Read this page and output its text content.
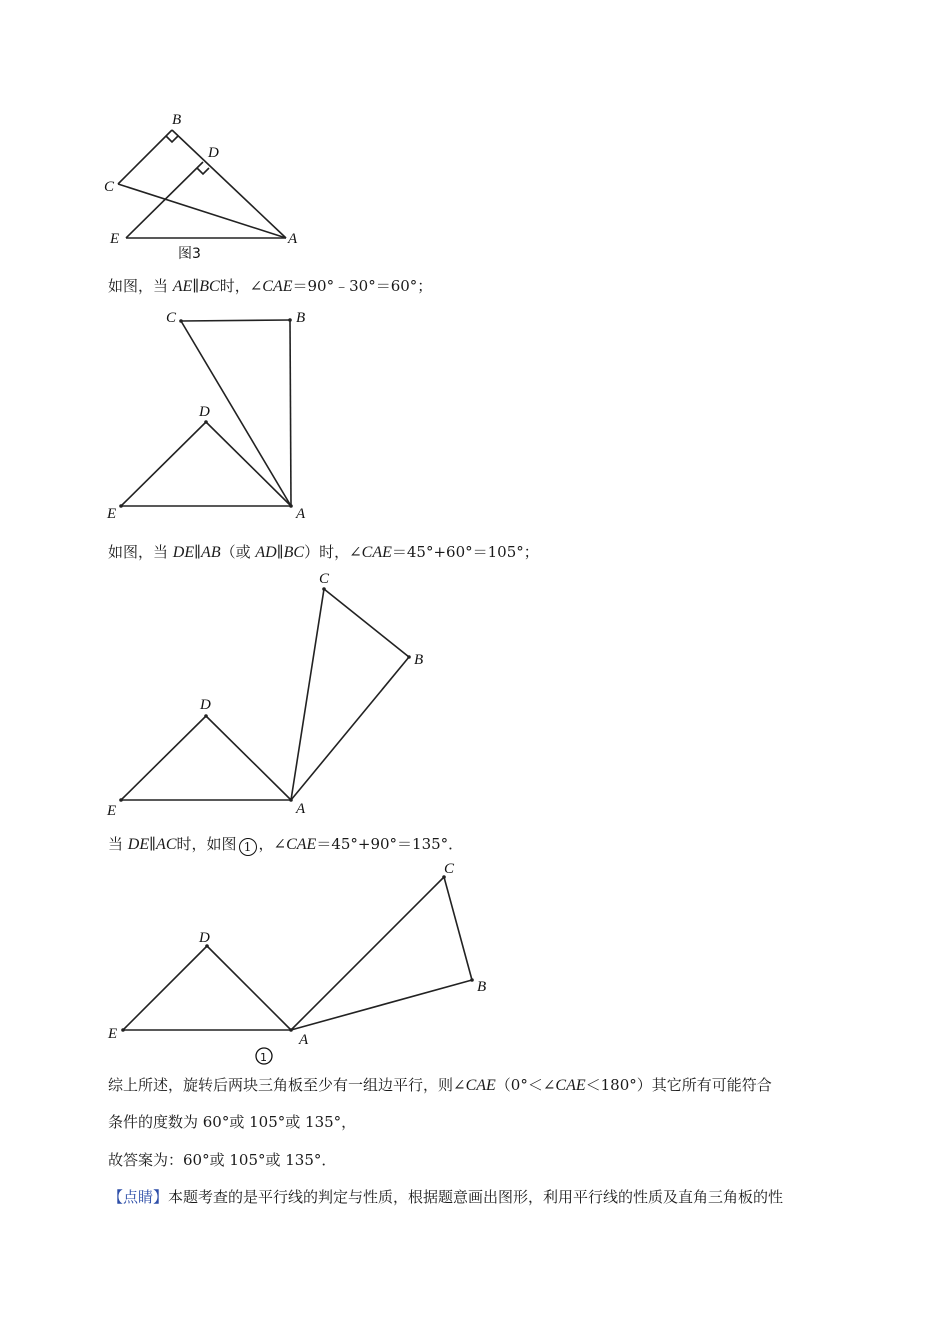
B
D
C
E	A
图3
C	B
D
E	A
C
B
D
E	A
C
D
B
E	A
1
如图，当 AE∥BC时，∠CAE＝90°﹣30°＝60°；
如图，当 DE∥AB（或 AD∥BC）时，∠CAE＝45°+60°＝105°；
当 DE∥AC时，如图 1 ，∠CAE＝45°+90°＝135°．
综上所述，旋转后两块三角板至少有一组边平行，则∠CAE（0°＜∠CAE＜180°）其它所有可能符合
条件的度数为 60°或 105°或 135°，
故答案为：60°或 105°或 135°．
【点睛】本题考查的是平行线的判定与性质，根据题意画出图形，利用平行线的性质及直角三角板的性
